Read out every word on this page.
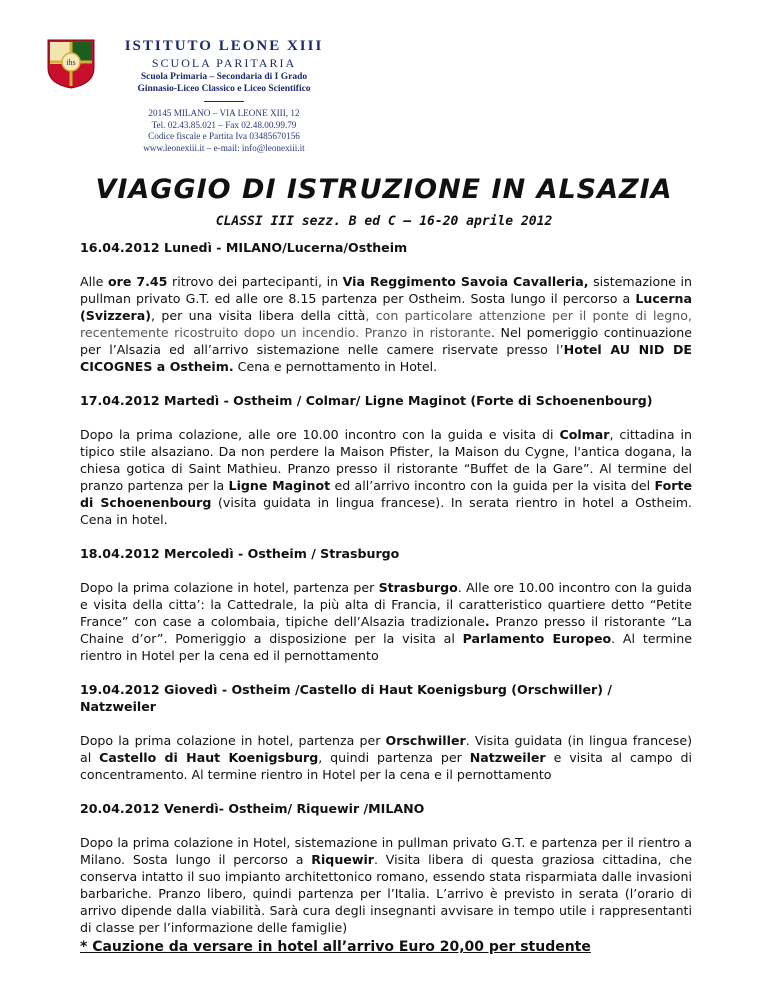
ihs
ISTITUTO LEONE XIII
SCUOLA PARITARIA
Scuola Primaria – Secondaria di I Grado
Ginnasio-Liceo Classico e Liceo Scientifico
20145 MILANO – VIA LEONE XIII, 12
Tel. 02.43.85.021 – Fax 02.48.00.99.79
Codice fiscale e Partita Iva 03485670156
www.leonexiii.it – e-mail: info@leonexiii.it
VIAGGIO DI ISTRUZIONE IN ALSAZIA
CLASSI III sezz. B ed C – 16-20 aprile 2012
16.04.2012 Lunedì - MILANO/Lucerna/Ostheim
Alle ore 7.45 ritrovo dei partecipanti, in Via Reggimento Savoia Cavalleria, sistemazione in pullman privato G.T. ed alle ore 8.15 partenza per Ostheim. Sosta lungo il percorso a Lucerna (Svizzera), per una visita libera della città, con particolare attenzione per il ponte di legno, recentemente ricostruito dopo un incendio. Pranzo in ristorante. Nel pomeriggio continuazione per l’Alsazia ed all’arrivo sistemazione nelle camere riservate presso l’Hotel AU NID DE CICOGNES a Ostheim. Cena e pernottamento in Hotel.
17.04.2012 Martedì - Ostheim / Colmar/ Ligne Maginot (Forte di Schoenenbourg)
Dopo la prima colazione, alle ore 10.00 incontro con la guida e visita di Colmar, cittadina in tipico stile alsaziano. Da non perdere la Maison Pfister, la Maison du Cygne, l'antica dogana, la chiesa gotica di Saint Mathieu. Pranzo presso il ristorante “Buffet de la Gare”. Al termine del pranzo partenza per la Ligne Maginot ed all’arrivo incontro con la guida per la visita del Forte di Schoenenbourg (visita guidata in lingua francese). In serata rientro in hotel a Ostheim. Cena in hotel.
18.04.2012 Mercoledì - Ostheim / Strasburgo
Dopo la prima colazione in hotel, partenza per Strasburgo. Alle ore 10.00 incontro con la guida e visita della citta’: la Cattedrale, la più alta di Francia, il caratteristico quartiere detto “Petite France” con case a colombaia, tipiche dell’Alsazia tradizionale. Pranzo presso il ristorante “La Chaine d’or”. Pomeriggio a disposizione per la visita al Parlamento Europeo. Al termine rientro in Hotel per la cena ed il pernottamento
19.04.2012 Giovedì - Ostheim /Castello di Haut Koenigsburg (Orschwiller) / Natzweiler
Dopo la prima colazione in hotel, partenza per Orschwiller. Visita guidata (in lingua francese) al Castello di Haut Koenigsburg, quindi partenza per Natzweiler e visita al campo di concentramento. Al termine rientro in Hotel per la cena e il pernottamento
20.04.2012 Venerdì- Ostheim/ Riquewir /MILANO
Dopo la prima colazione in Hotel, sistemazione in pullman privato G.T. e partenza per il rientro a Milano. Sosta lungo il percorso a Riquewir. Visita libera di questa graziosa cittadina, che conserva intatto il suo impianto architettonico romano, essendo stata risparmiata dalle invasioni barbariche. Pranzo libero, quindi partenza per l’Italia. L’arrivo è previsto in serata (l’orario di arrivo dipende dalla viabilità. Sarà cura degli insegnanti avvisare in tempo utile i rappresentanti di classe per l’informazione delle famiglie)
* Cauzione da versare in hotel all’arrivo Euro 20,00 per studente
